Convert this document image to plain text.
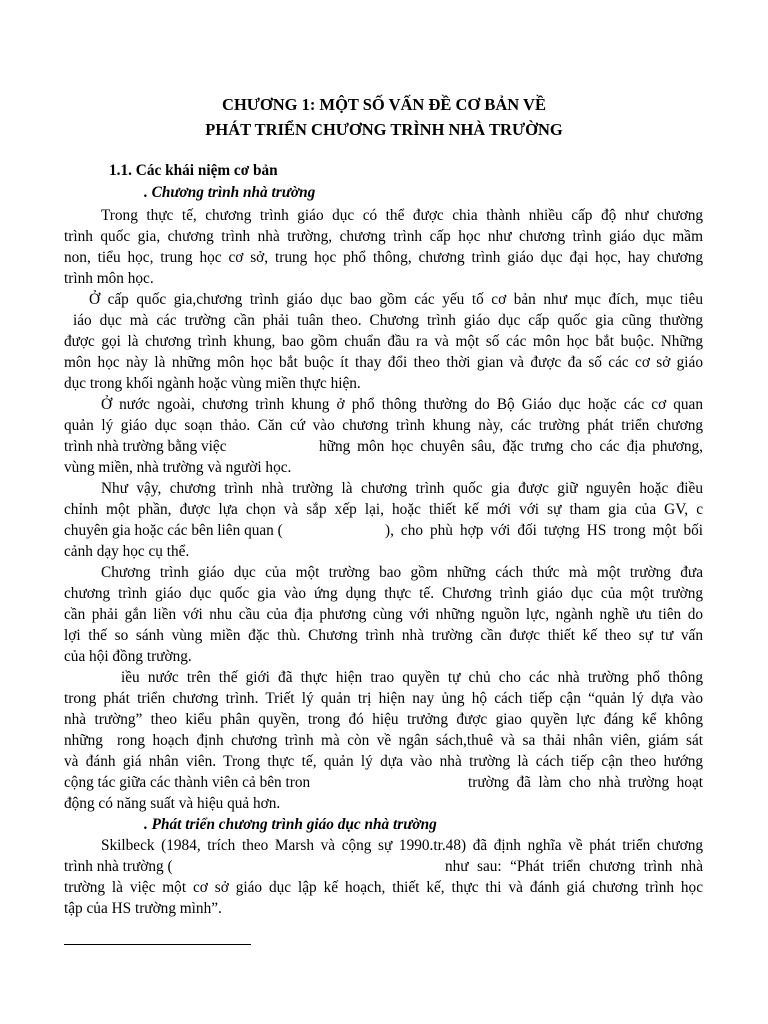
CHƯƠNG 1: MỘT SỐ VẤN ĐỀ CƠ BẢN VỀ
PHÁT TRIỂN CHƯƠNG TRÌNH NHÀ TRƯỜNG
1.1. Các khái niệm cơ bản
. Chương trình nhà trường
Trong thực tế, chương trình giáo dục có thể được chia thành nhiều cấp độ như chương
trình quốc gia, chương trình nhà trường, chương trình cấp học như chương trình giáo dục mầm
non, tiểu học, trung học cơ sở, trung học phổ thông, chương trình giáo dục đại học, hay chương
trình môn học.
Ở cấp quốc gia,chương trình giáo dục bao gồm các yếu tố cơ bản như mục đích, mục tiêu
iáo dục mà các trường cần phải tuân theo. Chương trình giáo dục cấp quốc gia cũng thường
được gọi là chương trình khung, bao gồm chuẩn đầu ra và một số các môn học bắt buộc. Những
môn học này là những môn học bắt buộc ít thay đổi theo thời gian và được đa số các cơ sở giáo
dục trong khối ngành hoặc vùng miền thực hiện.
Ở nước ngoài, chương trình khung ở phổ thông thường do Bộ Giáo dục hoặc các cơ quan
quản lý giáo dục soạn thảo. Căn cứ vào chương trình khung này, các trường phát triển chương
trình nhà trường bằng việc	hững môn học chuyên sâu, đặc trưng cho các địa phương,
vùng miền, nhà trường và người học.
Như vậy, chương trình nhà trường là chương trình quốc gia được giữ nguyên hoặc điều
chỉnh một phần, được lựa chọn và sắp xếp lại, hoặc thiết kế mới với sự tham gia của GV, c
chuyên gia hoặc các bên liên quan (	), cho phù hợp với đối tượng HS trong một bối
cảnh dạy học cụ thể.
Chương trình giáo dục của một trường bao gồm những cách thức mà một trường đưa
chương trình giáo dục quốc gia vào ứng dụng thực tế. Chương trình giáo dục của một trường
cần phải gắn liền với nhu cầu của địa phương cùng với những nguồn lực, ngành nghề ưu tiên do
lợi thế so sánh vùng miền đặc thù. Chương trình nhà trường cần được thiết kế theo sự tư vấn
của hội đồng trường.
iều nước trên thế giới đã thực hiện trao quyền tự chủ cho các nhà trường phổ thông
trong phát triển chương trình. Triết lý quản trị hiện nay ủng hộ cách tiếp cận “quản lý dựa vào
nhà trường” theo kiểu phân quyền, trong đó hiệu trưởng được giao quyền lực đáng kể không
những rong hoạch định chương trình mà còn về ngân sách,thuê và sa thải nhân viên, giám sát
và đánh giá nhân viên. Trong thực tế, quản lý dựa vào nhà trường là cách tiếp cận theo hướng
cộng tác giữa các thành viên cả bên tron	trường đã làm cho nhà trường hoạt
động có năng suất và hiệu quả hơn.
. Phát triển chương trình giáo dục nhà trường
Skilbeck (1984, trích theo Marsh và cộng sự 1990.tr.48) đã định nghĩa về phát triển chương
trình nhà trường (	như sau: “Phát triển chương trình nhà
trường là việc một cơ sở giáo dục lập kế hoạch, thiết kế, thực thi và đánh giá chương trình học
tập của HS trường mình”.
